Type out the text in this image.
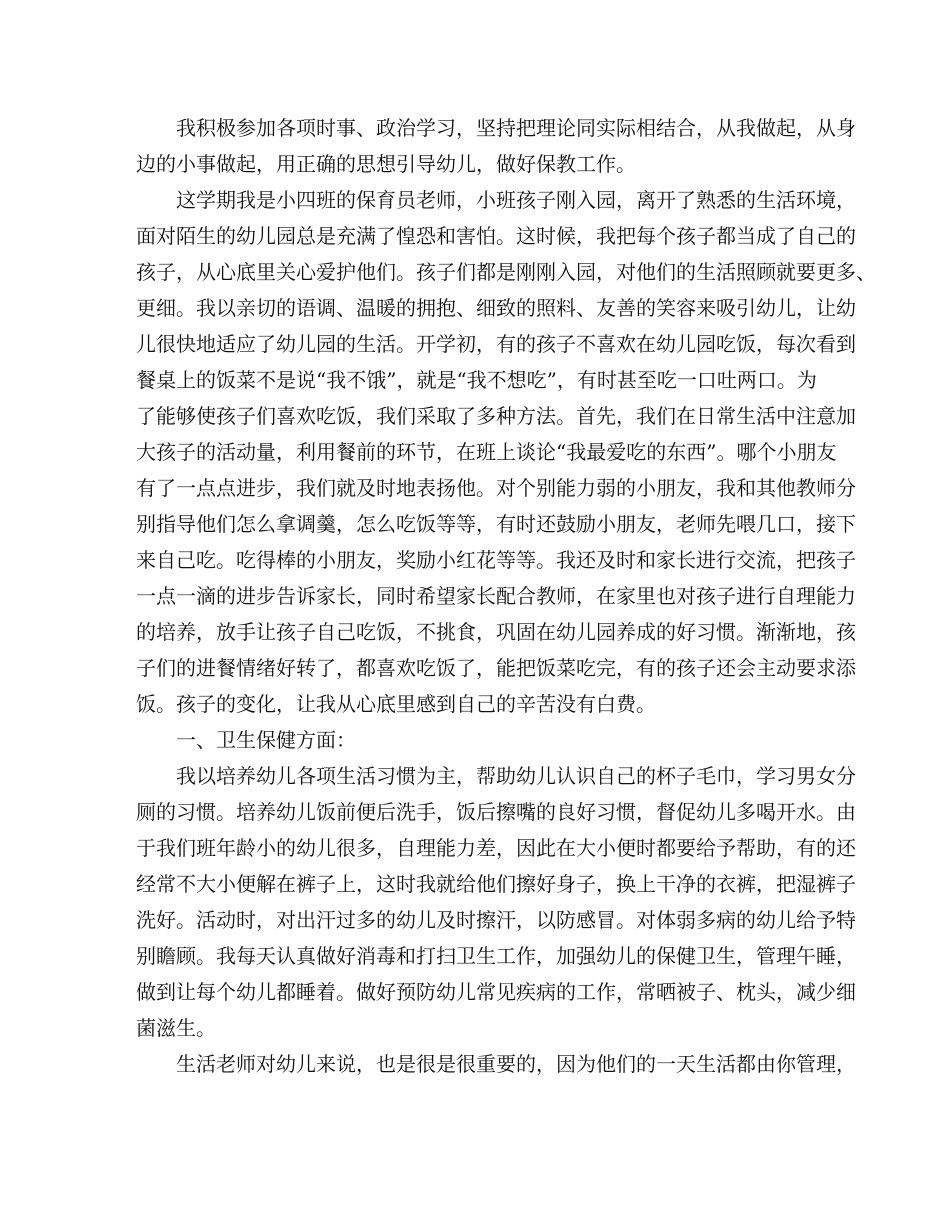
我积极参加各项时事、政治学习，坚持把理论同实际相结合，从我做起，从身
边的小事做起，用正确的思想引导幼儿，做好保教工作。
这学期我是小四班的保育员老师，小班孩子刚入园，离开了熟悉的生活环境，
面对陌生的幼儿园总是充满了惶恐和害怕。这时候，我把每个孩子都当成了自己的
孩子，从心底里关心爱护他们。孩子们都是刚刚入园，对他们的生活照顾就要更多、
更细。我以亲切的语调、温暖的拥抱、细致的照料、友善的笑容来吸引幼儿，让幼
儿很快地适应了幼儿园的生活。开学初，有的孩子不喜欢在幼儿园吃饭，每次看到
餐桌上的饭菜不是说“我不饿”，就是“我不想吃”，有时甚至吃一口吐两口。为
了能够使孩子们喜欢吃饭，我们采取了多种方法。首先，我们在日常生活中注意加
大孩子的活动量，利用餐前的环节，在班上谈论“我最爱吃的东西”。哪个小朋友
有了一点点进步，我们就及时地表扬他。对个别能力弱的小朋友，我和其他教师分
别指导他们怎么拿调羹，怎么吃饭等等，有时还鼓励小朋友，老师先喂几口，接下
来自己吃。吃得棒的小朋友，奖励小红花等等。我还及时和家长进行交流，把孩子
一点一滴的进步告诉家长，同时希望家长配合教师，在家里也对孩子进行自理能力
的培养，放手让孩子自己吃饭，不挑食，巩固在幼儿园养成的好习惯。渐渐地，孩
子们的进餐情绪好转了，都喜欢吃饭了，能把饭菜吃完，有的孩子还会主动要求添
饭。孩子的变化，让我从心底里感到自己的辛苦没有白费。
一、卫生保健方面：
我以培养幼儿各项生活习惯为主，帮助幼儿认识自己的杯子毛巾，学习男女分
厕的习惯。培养幼儿饭前便后洗手，饭后擦嘴的良好习惯，督促幼儿多喝开水。由
于我们班年龄小的幼儿很多，自理能力差，因此在大小便时都要给予帮助，有的还
经常不大小便解在裤子上，这时我就给他们擦好身子，换上干净的衣裤，把湿裤子
洗好。活动时，对出汗过多的幼儿及时擦汗，以防感冒。对体弱多病的幼儿给予特
别瞻顾。我每天认真做好消毒和打扫卫生工作，加强幼儿的保健卫生，管理午睡，
做到让每个幼儿都睡着。做好预防幼儿常见疾病的工作，常晒被子、枕头，减少细
菌滋生。
生活老师对幼儿来说，也是很是很重要的，因为他们的一天生活都由你管理，
